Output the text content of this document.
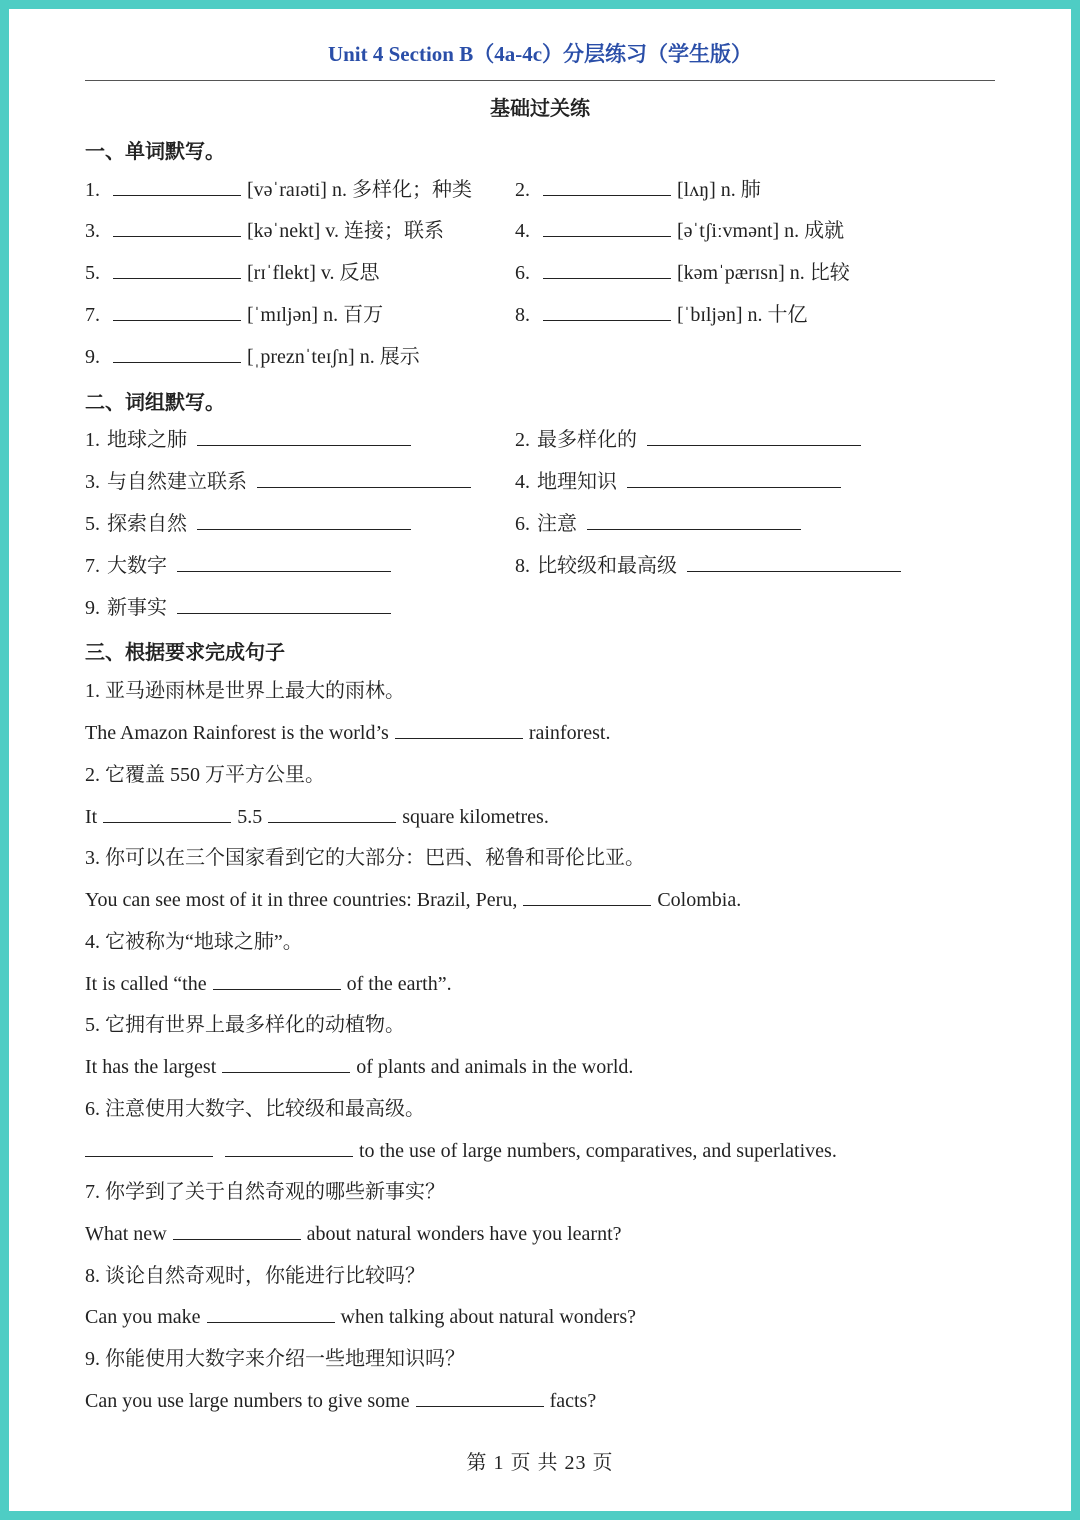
Unit 4 Section B（4a-4c）分层练习（学生版）
基础过关练
一、单词默写。
1.	[vəˈraɪəti] n. 多样化；种类 2.	[lʌŋ] n. 肺
3.	[kəˈnekt] v. 连接；联系	4.	[əˈtʃiːvmənt] n. 成就
5.	[rɪˈflekt] v. 反思	6.	[kəmˈpærɪsn] n. 比较
7.	[ˈmɪljən] n. 百万	8.	[ˈbɪljən] n. 十亿
9.	[ˌpreznˈteɪʃn] n. 展示
二、词组默写。
1. 地球之肺	2. 最多样化的
3. 与自然建立联系	4. 地理知识
5. 探索自然	6. 注意
7. 大数字	8. 比较级和最高级
9. 新事实
三、根据要求完成句子
1. 亚马逊雨林是世界上最大的雨林。
The Amazon Rainforest is the world’s	rainforest.
2. 它覆盖 550 万平方公里。
It	5.5	square kilometres.
3. 你可以在三个国家看到它的大部分：巴西、秘鲁和哥伦比亚。
You can see most of it in three countries: Brazil, Peru,	Colombia.
4. 它被称为“地球之肺”。
It is called “the	of the earth”.
5. 它拥有世界上最多样化的动植物。
It has the largest	of plants and animals in the world.
6. 注意使用大数字、比较级和最高级。
to the use of large numbers, comparatives, and superlatives.
7. 你学到了关于自然奇观的哪些新事实？
What new	about natural wonders have you learnt?
8. 谈论自然奇观时，你能进行比较吗？
Can you make	when talking about natural wonders?
9. 你能使用大数字来介绍一些地理知识吗？
Can you use large numbers to give some	facts?
第 1 页 共 23 页
